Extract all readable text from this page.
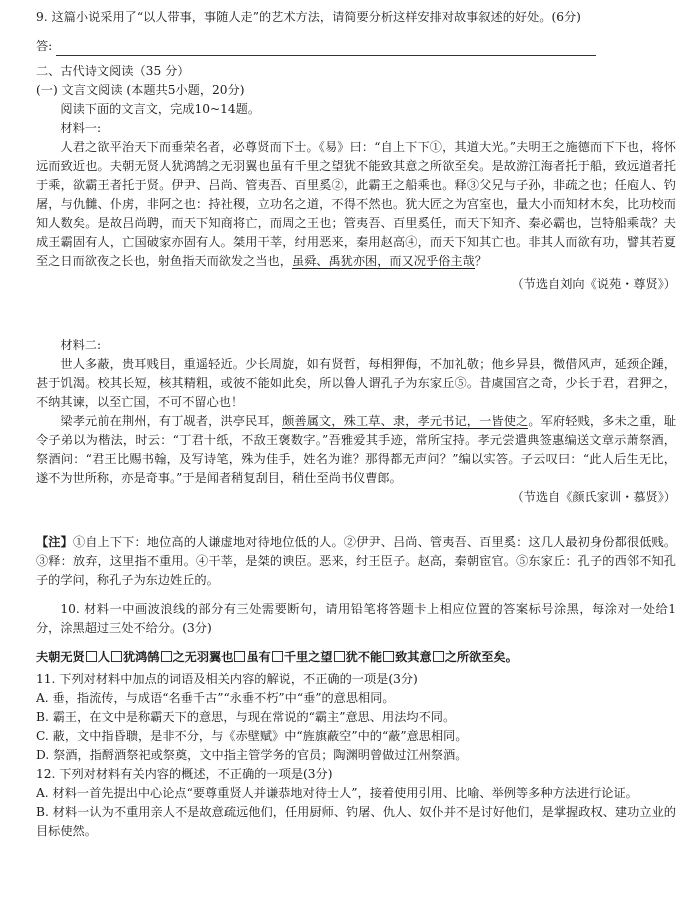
9. 这篇小说采用了“以人带事，事随人走”的艺术方法，请简要分析这样安排对故事叙述的好处。(6分)
答:
二、古代诗文阅读（35 分）
(一) 文言文阅读 (本题共5小题，20分)

阅读下面的文言文，完成10~14题。

材料一:

人君之欲平治天下而垂荣名者，必尊贤而下士。《易》曰：“自上下下①，其道大光。”夫明王之施德而下下也，将怀远而致近也。夫朝无贤人犹鸿鹄之无羽翼也虽有千里之望犹不能致其意之所欲至矣。是故游江海者托于船，致远道者托于乘，欲霸王者托于贤。伊尹、吕尚、管夷吾、百里奚②，此霸王之船乘也。释③父兄与子孙，非疏之也；任庖人、钓屠，与仇雠、仆虏，非阿之也：持社稷，立功名之道，不得不然也。犹大匠之为宫室也，量大小而知材木矣，比功校而知人数矣。是故吕尚聘，而天下知商将亡，而周之王也；管夷吾、百里奚任，而天下知齐、秦必霸也，岂特船乘哉？夫成王霸固有人，亡国破家亦固有人。桀用干莘，纣用恶来，秦用赵高④，而天下知其亡也。非其人而欲有功，譬其若夏至之日而欲夜之长也，射鱼指天而欲发之当也，虽舜、禹犹亦困，而又况乎俗主哉？

（节选自刘向《说苑・尊贤》）

材料二:

世人多蔽，贵耳贱目，重遥轻近。少长周旋，如有贤哲，每相狎侮，不加礼敬；他乡异县，微借风声，延颈企踵，甚于饥渴。校其长短，核其精粗，或彼不能如此矣，所以鲁人谓孔子为东家丘⑤。昔虞国宫之奇，少长于君，君狎之，不纳其谏，以至亡国，不可不留心也！

梁孝元前在荆州，有丁觇者，洪亭民耳，颇善属文，殊工草、隶，孝元书记，一皆使之。军府轻贱，多未之重，耻令子弟以为楷法，时云：“丁君十纸，不敌王褒数字。”吾雅爱其手迹，常所宝持。孝元尝遣典签惠编送文章示萧祭酒，祭酒问：“君王比赐书翰，及写诗笔，殊为佳手，姓名为谁？那得都无声问？”编以实答。子云叹曰：“此人后生无比，遂不为世所称，亦是奇事。”于是闻者稍复刮目，稍仕至尚书仪曹郎。

（节选自《颜氏家训・慕贤》）

【注】①自上下下：地位高的人谦虚地对待地位低的人。②伊尹、吕尚、管夷吾、百里奚：这几人最初身份都很低贱。③释：放弃，这里指不重用。④干莘，是桀的谀臣。恶来，纣王臣子。赵高，秦朝宦官。⑤东家丘：孔子的西邻不知孔子的学问，称孔子为东边姓丘的。

10. 材料一中画波浪线的部分有三处需要断句，请用铅笔将答题卡上相应位置的答案标号涂黑，每涂对一处给1分，涂黑超过三处不给分。(3分)

夫朝无贤 人 犹鸿鹄 之无羽翼也 虽有 千里之望 犹不能 致其意 之所欲至矣。

11. 下列对材料中加点的词语及相关内容的解说，不正确的一项是(3分)

A. 垂，指流传，与成语“名垂千古”“永垂不朽”中“垂”的意思相同。

B. 霸王，在文中是称霸天下的意思，与现在常说的“霸主”意思、用法均不同。

C. 蔽，文中指昏聩，是非不分，与《赤壁赋》中“旌旗蔽空”中的“蔽”意思相同。

D. 祭酒，指酹酒祭祀或祭奠，文中指主管学务的官员；陶渊明曾做过江州祭酒。

12. 下列对材料有关内容的概述，不正确的一项是(3分)

A. 材料一首先提出中心论点“要尊重贤人并谦恭地对待士人”，接着使用引用、比喻、举例等多种方法进行论证。

B. 材料一认为不重用亲人不是故意疏远他们，任用厨师、钓屠、仇人、奴仆并不是讨好他们，是掌握政权、建功立业的目标使然。
